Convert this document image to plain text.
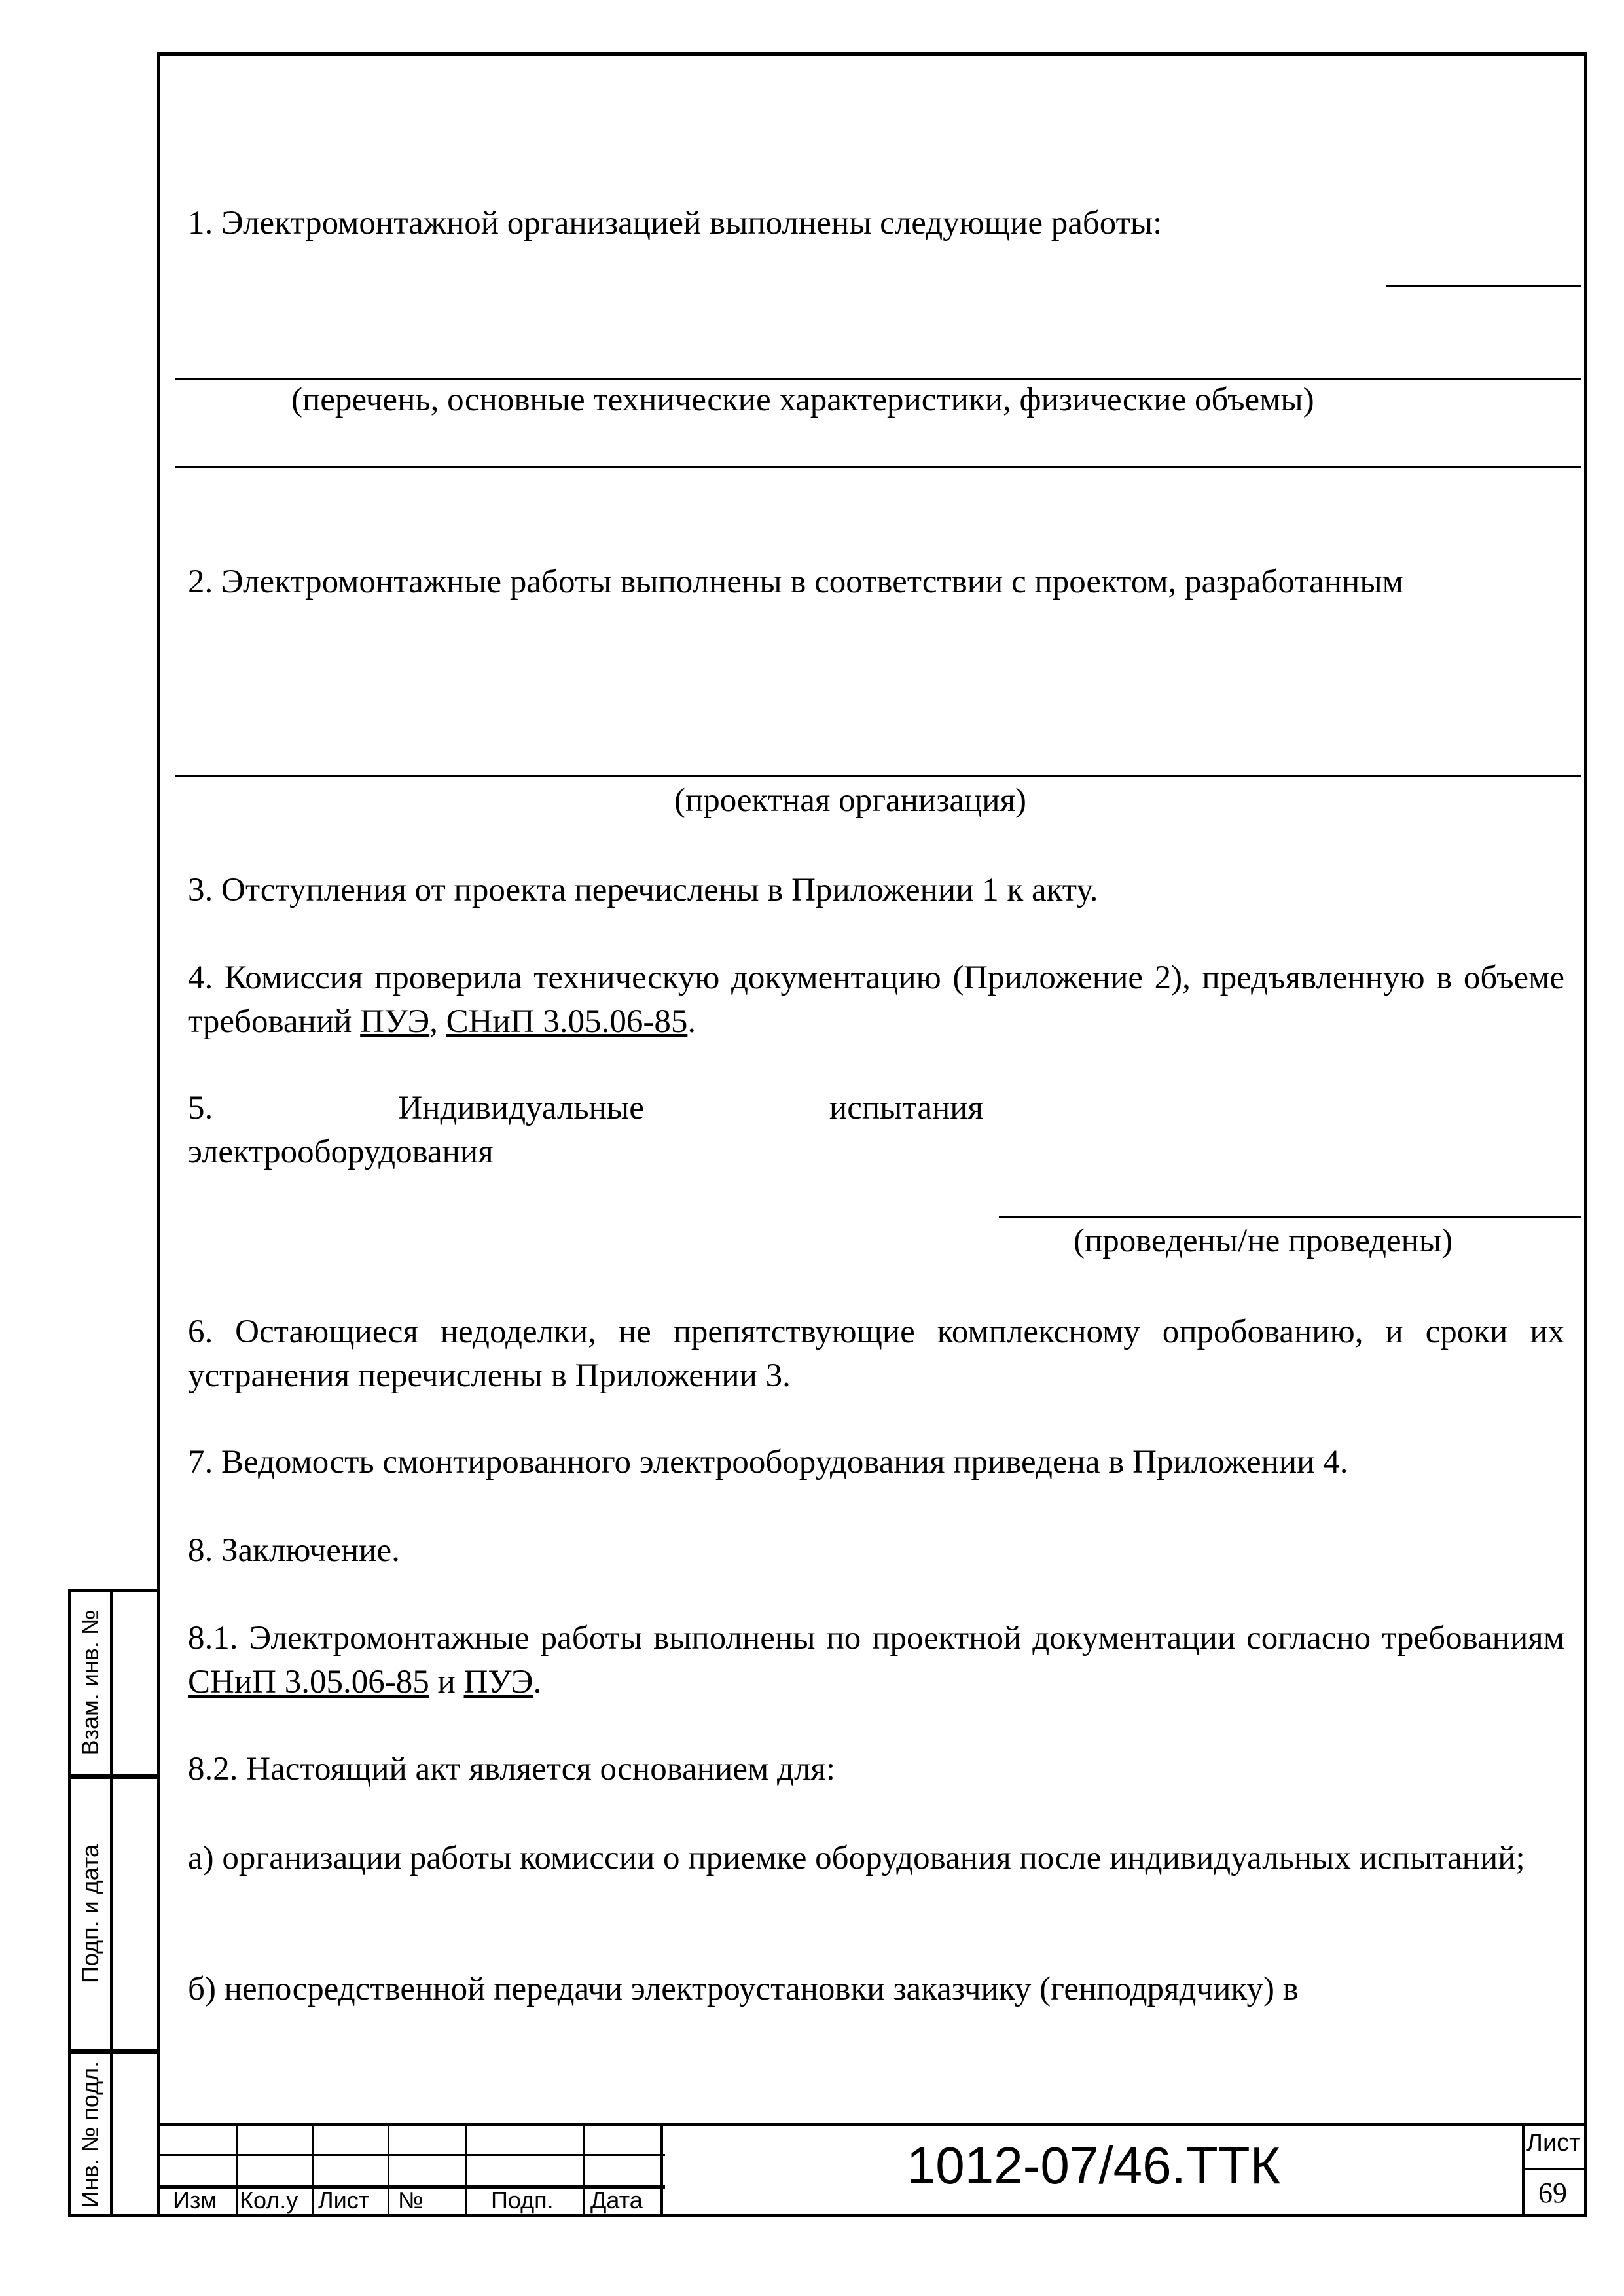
Взам. инв. №
Подп. и дата
Инв. № подл.

1. Электромонтажной организацией выполнены следующие работы:

(перечень, основные технические характеристики, физические объемы)

2. Электромонтажные работы выполнены в соответствии с проектом, разработанным

(проектная организация)

3. Отступления от проекта перечислены в Приложении 1 к акту.

4. Комиссия проверила техническую документацию (Приложение 2), предъявленную в объеме требований ПУЭ, СНиП 3.05.06-85.

5.	Индивидуальные	испытания
электрооборудования
(проведены/не проведены)

6. Остающиеся недоделки, не препятствующие комплексному опробованию, и сроки их устранения перечислены в Приложении 3.

7. Ведомость смонтированного электрооборудования приведена в Приложении 4.

8. Заключение.

8.1. Электромонтажные работы выполнены по проектной документации согласно требованиям СНиП 3.05.06-85 и ПУЭ.

8.2. Настоящий акт является основанием для:

а) организации работы комиссии о приемке оборудования после индивидуальных испытаний;

б) непосредственной передачи электроустановки заказчику (генподрядчику) в

Изм Кол.у Лист №	Подп. Дата
1012-07/46.ТТК	Лист
69
